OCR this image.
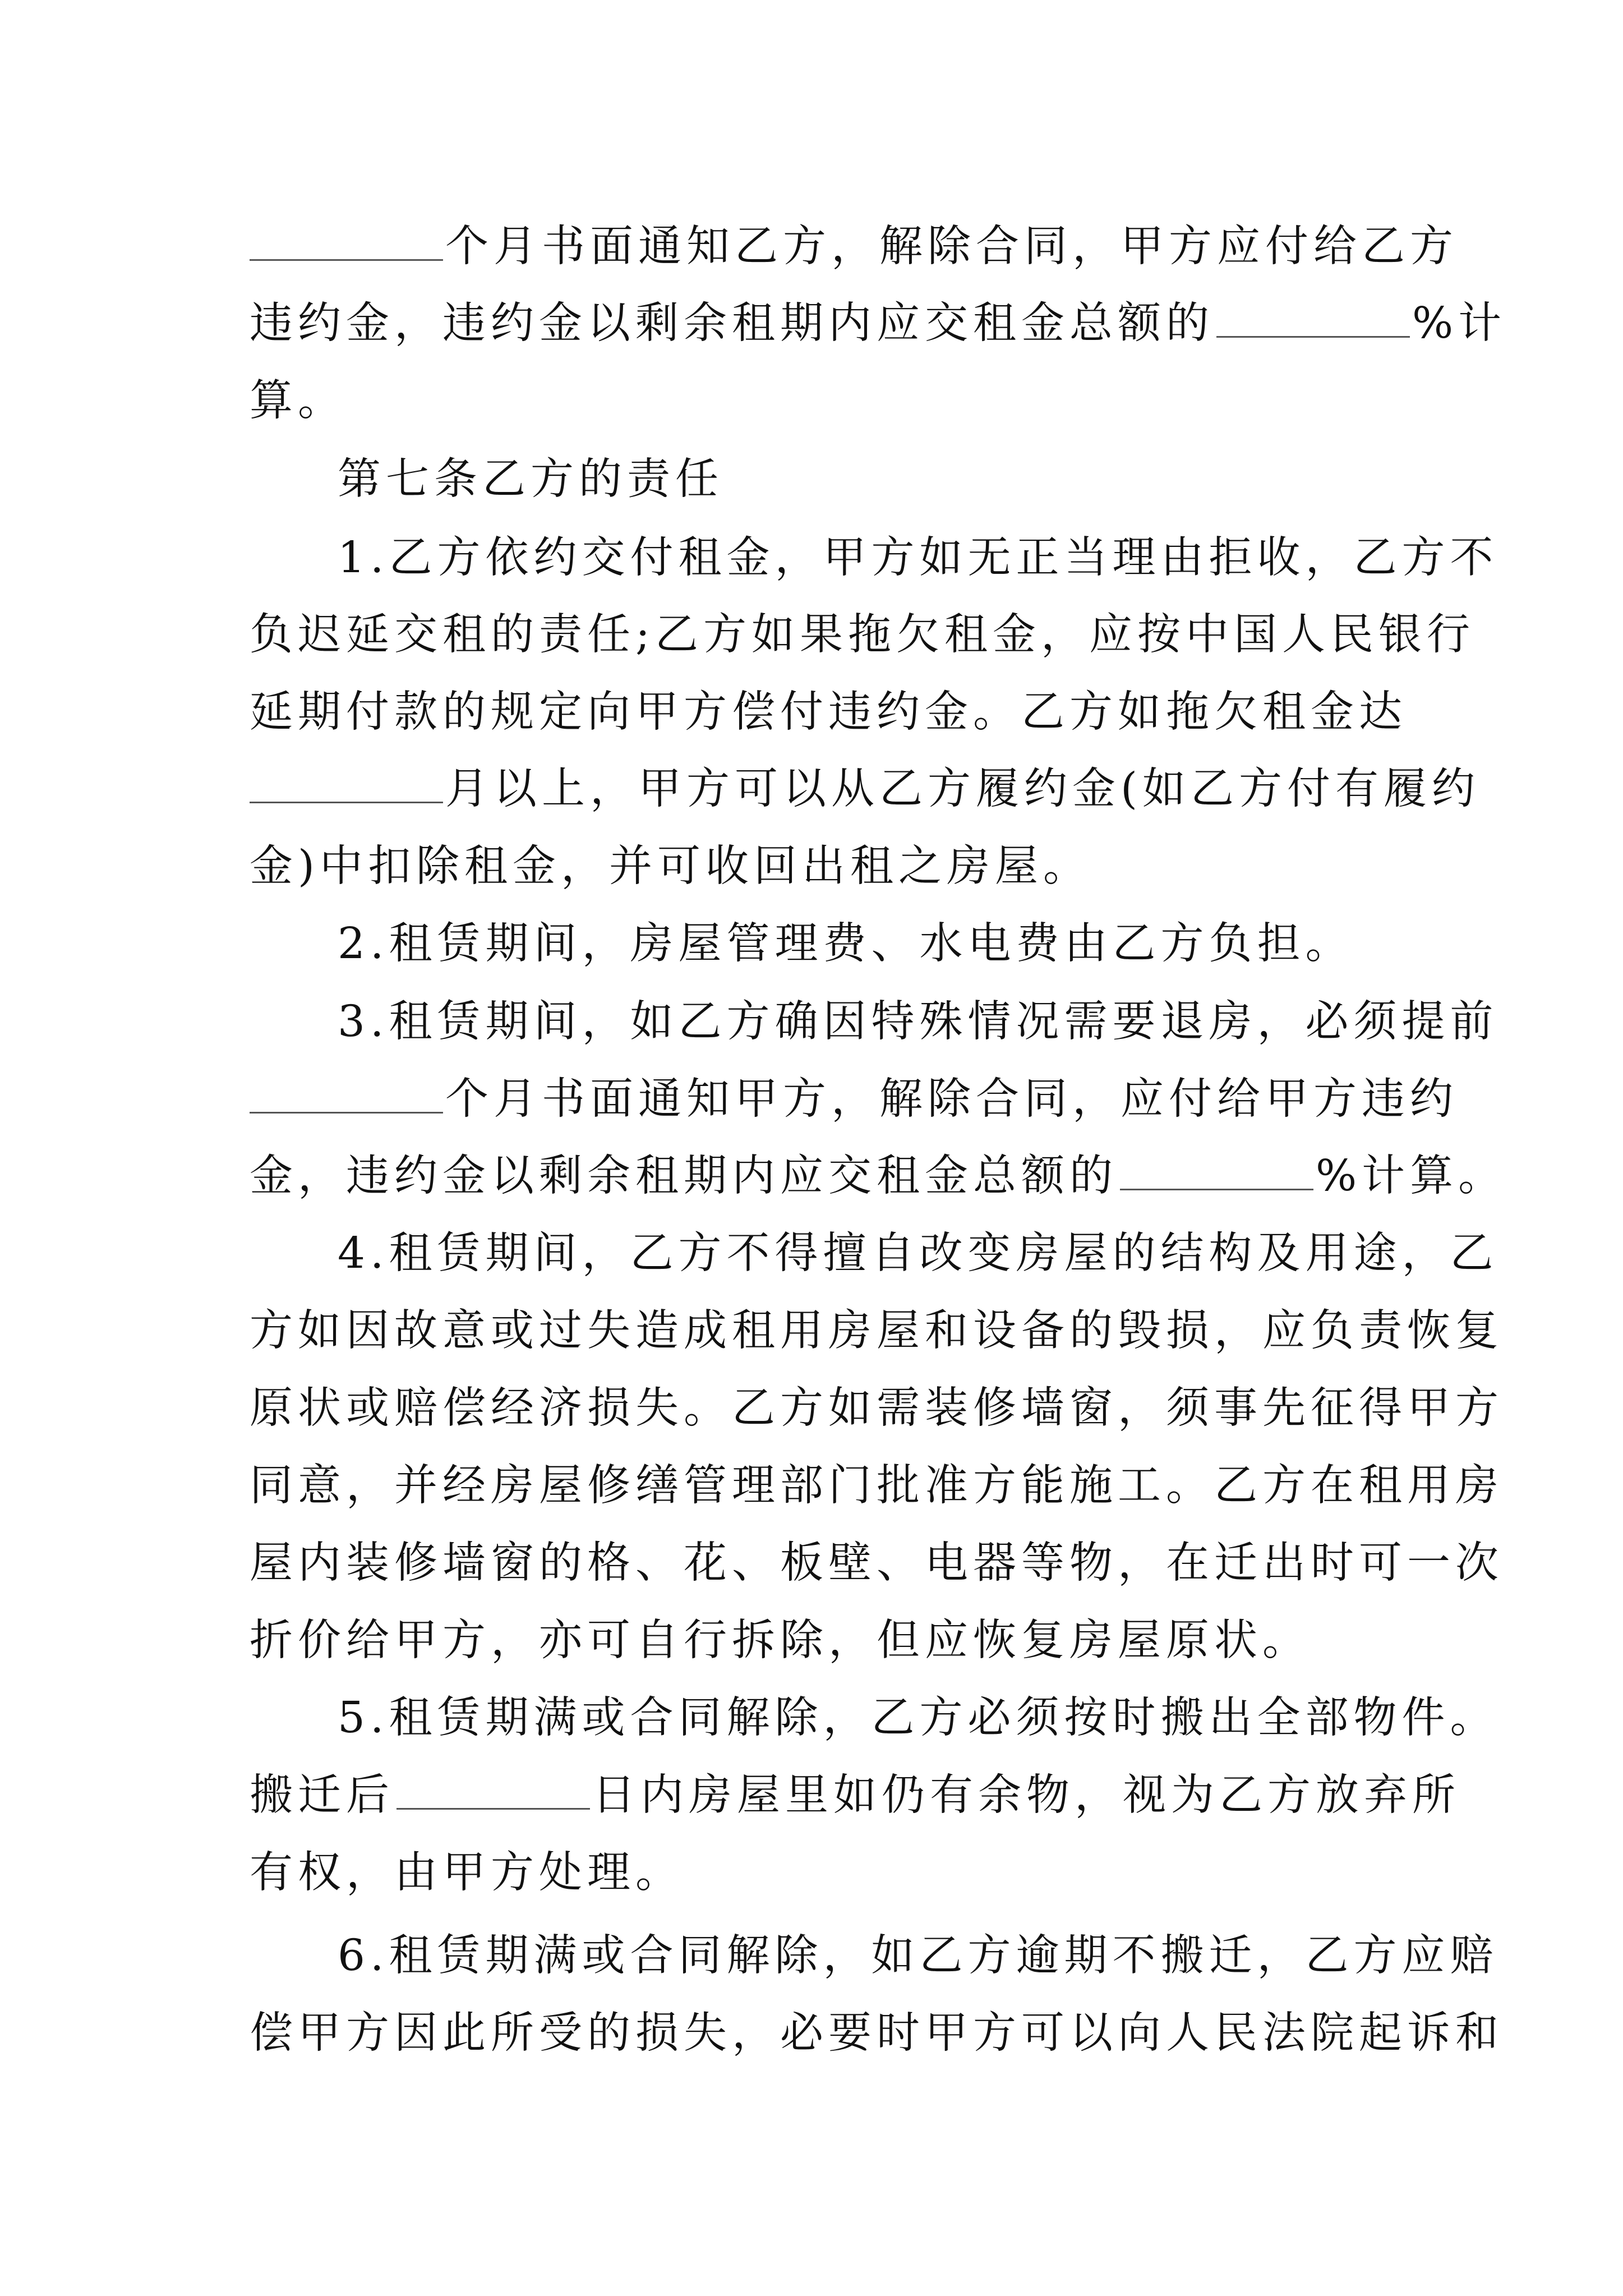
个月书面通知乙方，解除合同，甲方应付给乙方
违约金，违约金以剩余租期内应交租金总额的	%计
算。
第七条乙方的责任
1.乙方依约交付租金，甲方如无正当理由拒收，乙方不
负迟延交租的责任;乙方如果拖欠租金，应按中国人民银行
延期付款的规定向甲方偿付违约金。乙方如拖欠租金达
月以上，甲方可以从乙方履约金(如乙方付有履约
金)中扣除租金，并可收回出租之房屋。
2.租赁期间，房屋管理费、水电费由乙方负担。
3.租赁期间，如乙方确因特殊情况需要退房，必须提前
个月书面通知甲方，解除合同，应付给甲方违约
金，违约金以剩余租期内应交租金总额的	%计算。
4.租赁期间，乙方不得擅自改变房屋的结构及用途，乙
方如因故意或过失造成租用房屋和设备的毁损，应负责恢复
原状或赔偿经济损失。乙方如需装修墙窗，须事先征得甲方
同意，并经房屋修缮管理部门批准方能施工。乙方在租用房
屋内装修墙窗的格、花、板壁、电器等物，在迁出时可一次
折价给甲方，亦可自行拆除，但应恢复房屋原状。
5.租赁期满或合同解除，乙方必须按时搬出全部物件。
搬迁后	日内房屋里如仍有余物，视为乙方放弃所
有权，由甲方处理。
6.租赁期满或合同解除，如乙方逾期不搬迁，乙方应赔
偿甲方因此所受的损失，必要时甲方可以向人民法院起诉和
